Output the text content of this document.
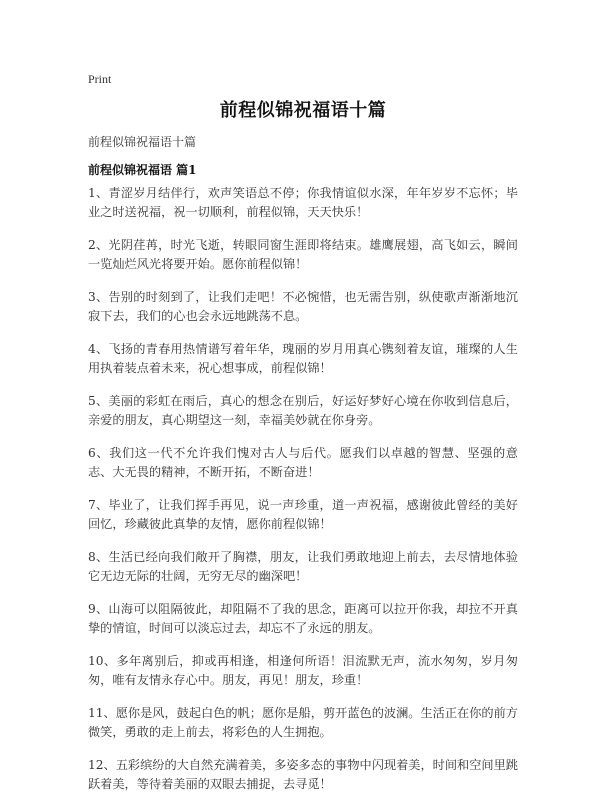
Print
前程似锦祝福语十篇
前程似锦祝福语十篇
前程似锦祝福语 篇1

1、青涩岁月结伴行，欢声笑语总不停；你我情谊似水深，年年岁岁不忘怀；毕业之时送祝福，祝一切顺利，前程似锦，天天快乐！

2、光阴荏苒，时光飞逝，转眼同窗生涯即将结束。雄鹰展翅，高飞如云，瞬间一览灿烂风光将要开始。愿你前程似锦！

3、告别的时刻到了，让我们走吧！不必惋惜，也无需告别，纵使歌声渐渐地沉寂下去，我们的心也会永远地跳荡不息。

4、飞扬的青春用热情谱写着年华，瑰丽的岁月用真心镌刻着友谊，璀璨的人生用执着装点着未来，祝心想事成，前程似锦！

5、美丽的彩虹在雨后，真心的想念在别后，好运好梦好心境在你收到信息后，亲爱的朋友，真心期望这一刻，幸福美妙就在你身旁。

6、我们这一代不允许我们愧对古人与后代。愿我们以卓越的智慧、坚强的意志、大无畏的精神，不断开拓，不断奋进！

7、毕业了，让我们挥手再见，说一声珍重，道一声祝福，感谢彼此曾经的美好回忆，珍藏彼此真挚的友情，愿你前程似锦！

8、生活已经向我们敞开了胸襟，朋友，让我们勇敢地迎上前去，去尽情地体验它无边无际的壮阔，无穷无尽的幽深吧！

9、山海可以阻隔彼此，却阻隔不了我的思念，距离可以拉开你我，却拉不开真挚的情谊，时间可以淡忘过去，却忘不了永远的朋友。

10、多年离别后，抑或再相逢，相逢何所语！泪流默无声，流水匆匆，岁月匆匆，唯有友情永存心中。朋友，再见！朋友，珍重！

11、愿你是风，鼓起白色的帆；愿你是船，剪开蓝色的波澜。生活正在你的前方微笑，勇敢的走上前去，将彩色的人生拥抱。

12、五彩缤纷的大自然充满着美，多姿多态的事物中闪现着美，时间和空间里跳跃着美，等待着美丽的双眼去捕捉，去寻觅！
